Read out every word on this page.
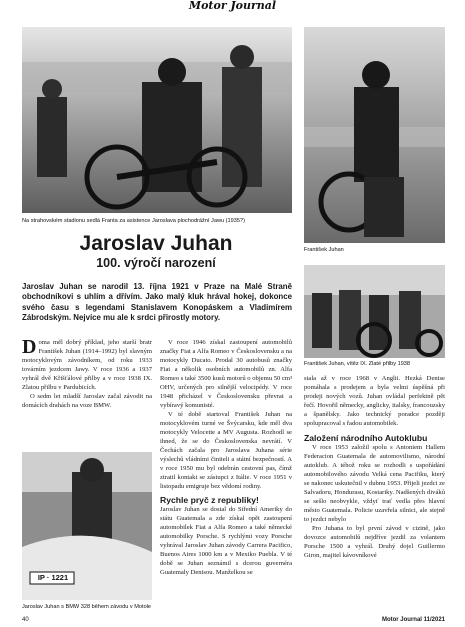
Motor Journal
Na strahovském stadionu sedlá Franta za asistence Jaroslava plochodrážní Jawu (1935?)
František Juhan
František Juhan, vítěz IX. Zlaté přilby 1938
IP · 1221
Jaroslav Juhan s BMW 328 během závodu v Motole
Jaroslav Juhan
100. výročí narození
Jaroslav Juhan se narodil 13. října 1921 v Praze na Malé Straně obchodníkovi s uhlím a dřívím. Jako malý kluk hrával hokej, dokonce svého času s legendami Stanislavem Konopáskem a Vladimírem Zábrodským. Nejvíce mu ale k srdci přirostly motory.

Doma měl dobrý příklad, jeho starší bratr František Juhan (1914–1992) byl slavným motocyklovým závodníkem, od roku 1933 továrním jezdcem Jawy. V roce 1936 a 1937 vyhrál dvě Křišťálové přilby a v roce 1938 IX. Zlatou přilbu v Pardubicích.

O sedm let mladší Jaroslav začal závodit na domácích drahách na voze BMW.

V roce 1946 získal zastoupení automobilů značky Fiat a Alfa Romeo v Československu a na motocykly Ducato. Prodal 30 autobusů značky Fiat a několik osobních automobilů zn. Alfa Romeo s také 3500 kusů motorů o objemu 50 cm³ OHV, určených pro silnější velocipédy. V roce 1948 přicházel v Československu převrat a vybíravý komunisté.

V té době startoval František Juhan na motocyklovém turné ve Švýcarsku, kde měl dva motocykly Velocette a MV Augusta. Rozhodl se ihned, že se do Československa nevrátí. V Čechách začala pro Jaroslava Juhana série výslechů vládními činiteli a státní bezpečností. A v roce 1950 mu byl odebrán cestovní pas, čímž ztratil kontakt se zástupci z Itálie. V roce 1951 v listopadu emigruje bez vědomí rodiny.

Rychle pryč z republiky!

Jaroslav Juhan se dostal do Střední Ameriky do státu Guatemala a zde získal opět zastoupení automobilek Fiat a Alfa Romeo a také německé automobilky Porsche. S rychlými vozy Porsche vyhrával Jaroslav Juhan závody Carrera Pacifico, Buenos Aires 1000 km a v Mexiko Puebla. V té době se Juhan seznámil s dcerou guvernéra Guatemaly Denisou. Manželkou se

stala až v roce 1968 v Anglii. Hezká Denise pomáhala s prodejem a byla velmi úspěšná při prodeji nových vozů. Juhan ovládal perfektně pět řečí. Hovořil německy, anglicky, italsky, francouzsky a španělsky. Jako technický poradce později spolupracoval s řadou automobilek.

Založení národního Autoklubu

V roce 1953 založil spolu s Antoniem Hallem Federacion Guatemala de automovilismo, národní autoklub. A téhož roku se rozhodli s uspořádání automobilového závodu Velká cena Pacifiku, který se nakonec uskutečnil v dubnu 1953. Přijeli jezdci ze Salvadoru, Hondurasu, Kostariky. Nadšených diváků se sešlo neobvykle, vždyť trať vedla přes hlavní město Guatemala. Policie uzavřela silnici, ale stejně to jezdci nebylo

Pro Juhana to byl první závod v cizině, jako dovozce automobilů nejdříve jezdil za volantem Porsche 1500 a vyhrál. Druhý dojel Guillermo Giron, majitel kávovníkové

40	Motor Journal 11/2021
